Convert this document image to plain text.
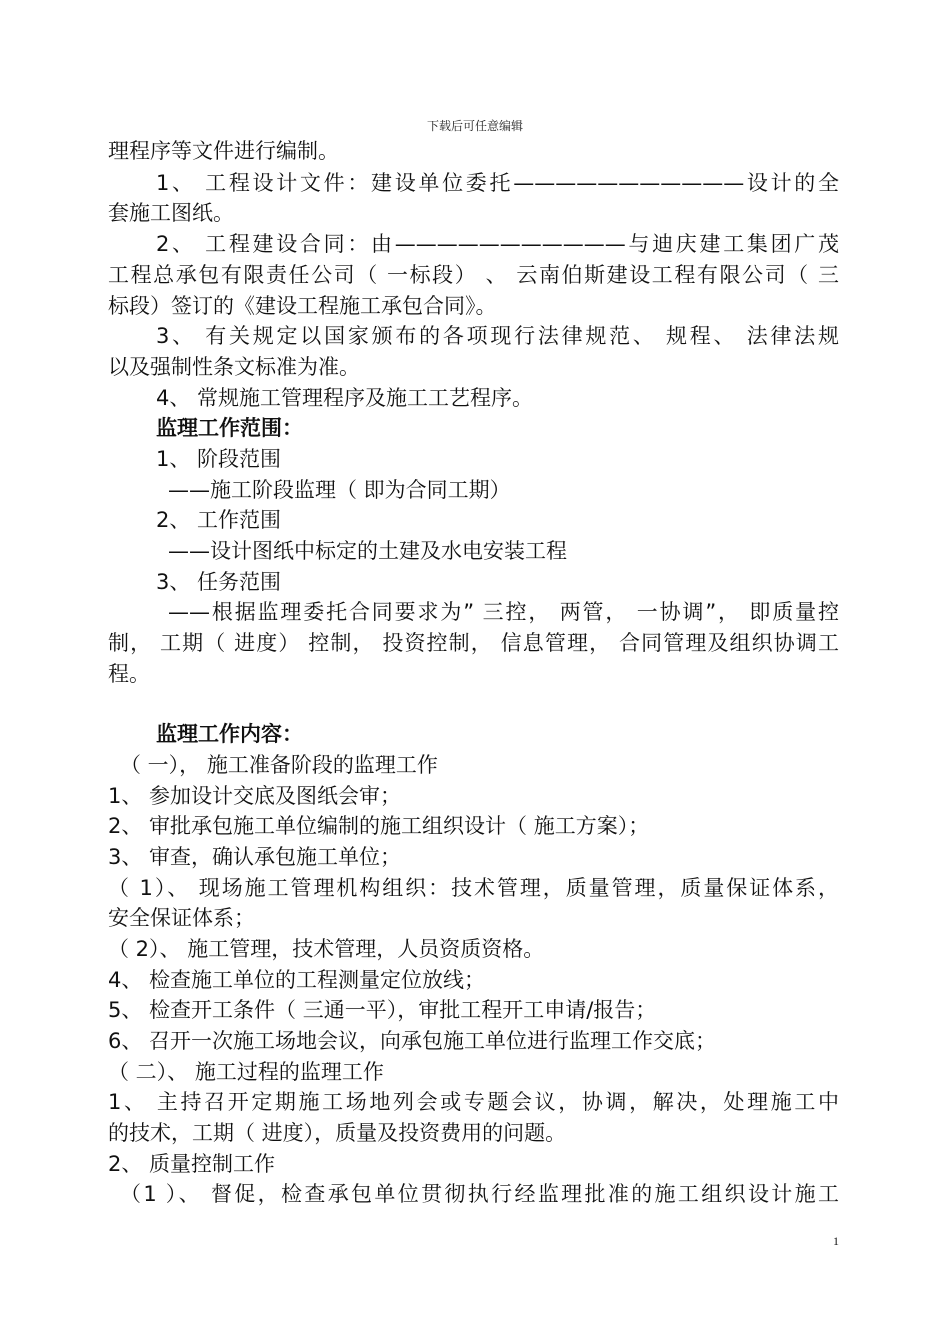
下载后可任意编辑
理程序等文件进行编制。
1、 工程设计文件：建设单位委托———————————设计的全
套施工图纸。
2、 工程建设合同：由———————————与迪庆建工集团广茂
工程总承包有限责任公司（ 一标段） 、 云南伯斯建设工程有限公司（ 三
标段）签订的《建设工程施工承包合同》。
3、 有关规定以国家颁布的各项现行法律规范、 规程、 法律法规
以及强制性条文标准为准。
4、 常规施工管理程序及施工工艺程序。
监理工作范围：
1、 阶段范围
——施工阶段监理（ 即为合同工期）
2、 工作范围
——设计图纸中标定的土建及水电安装工程
3、 任务范围
——根据监理委托合同要求为” 三控， 两管， 一协调”， 即质量控
制， 工期（ 进度） 控制， 投资控制， 信息管理， 合同管理及组织协调工
程。
监理工作内容：
（ 一）， 施工准备阶段的监理工作
1、 参加设计交底及图纸会审；
2、 审批承包施工单位编制的施工组织设计（ 施工方案）；
3、 审查，确认承包施工单位；
（ 1）、 现场施工管理机构组织：技术管理，质量管理，质量保证体系，
安全保证体系；
（ 2）、 施工管理，技术管理，人员资质资格。
4、 检查施工单位的工程测量定位放线；
5、 检查开工条件（ 三通一平），审批工程开工申请/报告；
6、 召开一次施工场地会议，向承包施工单位进行监理工作交底；
（ 二）、 施工过程的监理工作
1、 主持召开定期施工场地列会或专题会议，协调，解决，处理施工中
的技术，工期（ 进度），质量及投资费用的问题。
2、 质量控制工作
（1 ）、 督促，检查承包单位贯彻执行经监理批准的施工组织设计施工
1
